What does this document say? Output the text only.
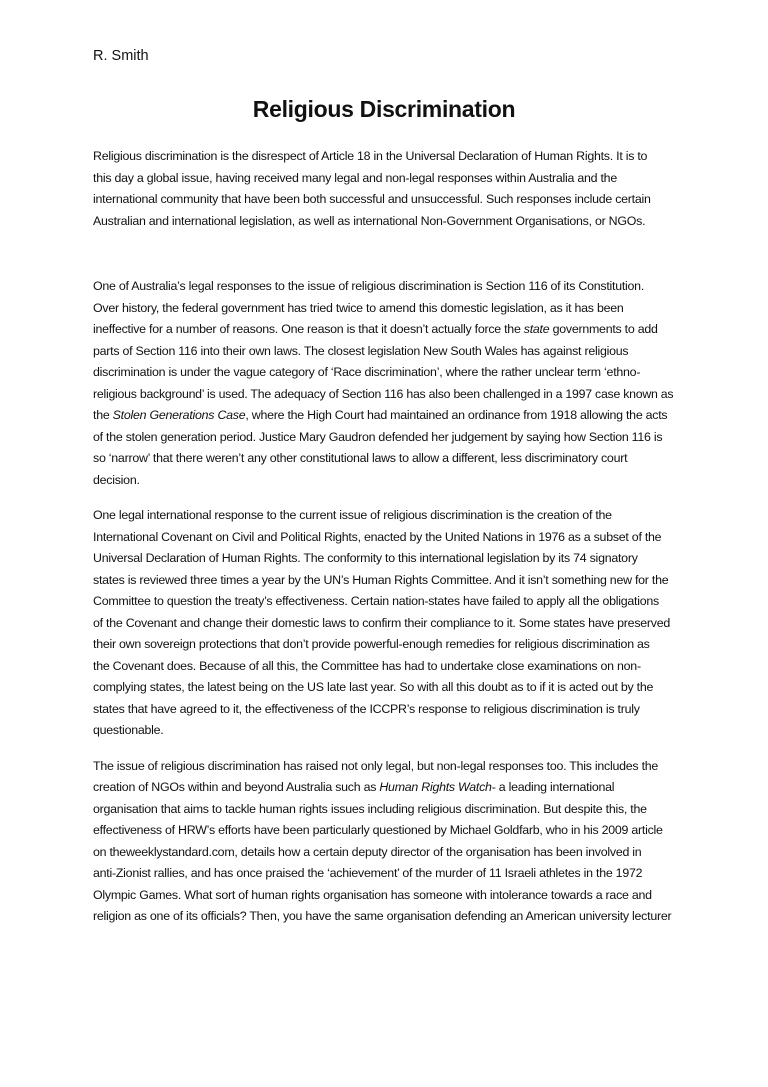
R. Smith
Religious Discrimination

Religious discrimination is the disrespect of Article 18 in the Universal Declaration of Human Rights. It is to
this day a global issue, having received many legal and non-legal responses within Australia and the
international community that have been both successful and unsuccessful. Such responses include certain
Australian and international legislation, as well as international Non-Government Organisations, or NGOs.

One of Australia’s legal responses to the issue of religious discrimination is Section 116 of its Constitution.
Over history, the federal government has tried twice to amend this domestic legislation, as it has been
ineffective for a number of reasons. One reason is that it doesn’t actually force the state governments to add
parts of Section 116 into their own laws. The closest legislation New South Wales has against religious
discrimination is under the vague category of ‘Race discrimination’, where the rather unclear term ‘ethno-
religious background’ is used. The adequacy of Section 116 has also been challenged in a 1997 case known as
the Stolen Generations Case, where the High Court had maintained an ordinance from 1918 allowing the acts
of the stolen generation period. Justice Mary Gaudron defended her judgement by saying how Section 116 is
so ‘narrow’ that there weren’t any other constitutional laws to allow a different, less discriminatory court
decision.

One legal international response to the current issue of religious discrimination is the creation of the
International Covenant on Civil and Political Rights, enacted by the United Nations in 1976 as a subset of the
Universal Declaration of Human Rights. The conformity to this international legislation by its 74 signatory
states is reviewed three times a year by the UN’s Human Rights Committee. And it isn’t something new for the
Committee to question the treaty’s effectiveness. Certain nation-states have failed to apply all the obligations
of the Covenant and change their domestic laws to confirm their compliance to it. Some states have preserved
their own sovereign protections that don’t provide powerful-enough remedies for religious discrimination as
the Covenant does. Because of all this, the Committee has had to undertake close examinations on non-
complying states, the latest being on the US late last year. So with all this doubt as to if it is acted out by the
states that have agreed to it, the effectiveness of the ICCPR’s response to religious discrimination is truly
questionable.

The issue of religious discrimination has raised not only legal, but non-legal responses too. This includes the
creation of NGOs within and beyond Australia such as Human Rights Watch- a leading international
organisation that aims to tackle human rights issues including religious discrimination. But despite this, the
effectiveness of HRW’s efforts have been particularly questioned by Michael Goldfarb, who in his 2009 article
on theweeklystandard.com, details how a certain deputy director of the organisation has been involved in
anti-Zionist rallies, and has once praised the ‘achievement’ of the murder of 11 Israeli athletes in the 1972
Olympic Games. What sort of human rights organisation has someone with intolerance towards a race and
religion as one of its officials? Then, you have the same organisation defending an American university lecturer
